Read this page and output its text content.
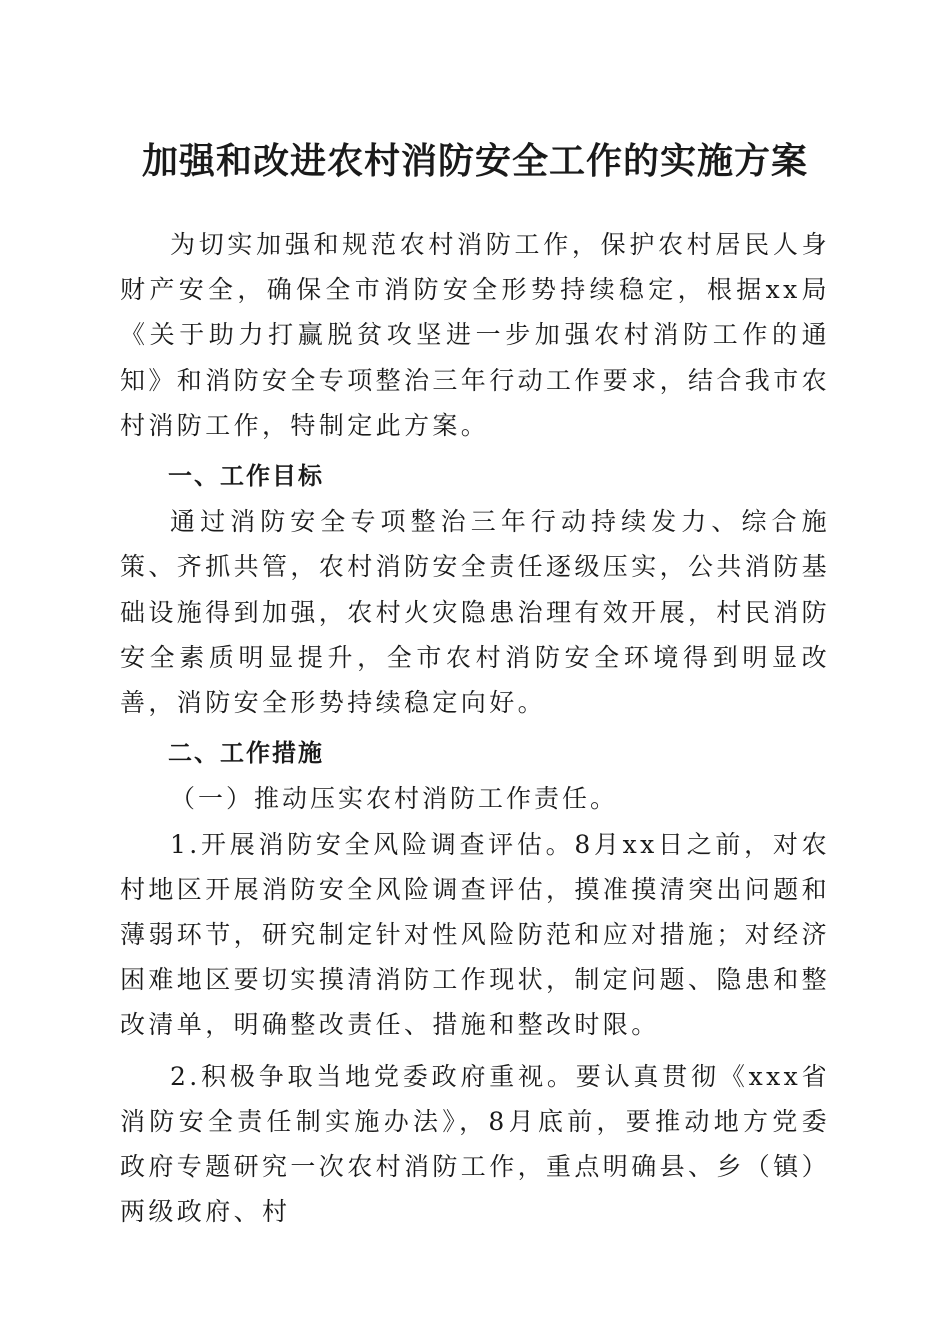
加强和改进农村消防安全工作的实施方案

为切实加强和规范农村消防工作，保护农村居民人身财产安全，确保全市消防安全形势持续稳定，根据xx局《关于助力打赢脱贫攻坚进一步加强农村消防工作的通知》和消防安全专项整治三年行动工作要求，结合我市农村消防工作，特制定此方案。

一、工作目标

通过消防安全专项整治三年行动持续发力、综合施策、齐抓共管，农村消防安全责任逐级压实，公共消防基础设施得到加强，农村火灾隐患治理有效开展，村民消防安全素质明显提升，全市农村消防安全环境得到明显改善，消防安全形势持续稳定向好。

二、工作措施
（一）推动压实农村消防工作责任。

1.开展消防安全风险调查评估。8月xx日之前，对农村地区开展消防安全风险调查评估，摸准摸清突出问题和薄弱环节，研究制定针对性风险防范和应对措施；对经济困难地区要切实摸清消防工作现状，制定问题、隐患和整改清单，明确整改责任、措施和整改时限。

2.积极争取当地党委政府重视。要认真贯彻《xxx省消防安全责任制实施办法》，8月底前，要推动地方党委政府专题研究一次农村消防工作，重点明确县、乡（镇）两级政府、村
